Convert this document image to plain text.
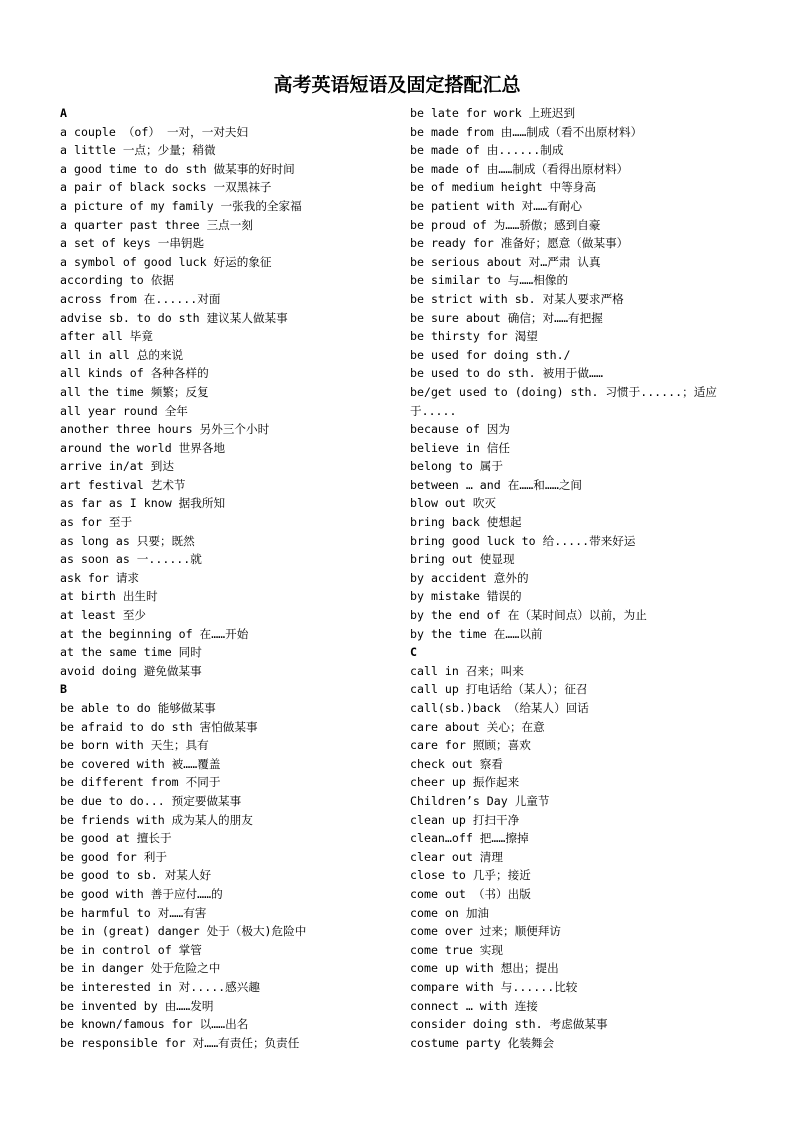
高考英语短语及固定搭配汇总
A
a couple （of） 一对，一对夫妇
a little 一点；少量；稍微
a good time to do sth 做某事的好时间
a pair of black socks 一双黑袜子
a picture of my family 一张我的全家福
a quarter past three 三点一刻
a set of keys 一串钥匙
a symbol of good luck 好运的象征
according to 依据
across from 在......对面
advise sb. to do sth 建议某人做某事
after all 毕竟
all in all 总的来说
all kinds of 各种各样的
all the time 频繁；反复
all year round 全年
another three hours 另外三个小时
around the world 世界各地
arrive in/at 到达
art festival 艺术节
as far as I know 据我所知
as for 至于
as long as 只要；既然
as soon as 一......就
ask for 请求
at birth 出生时
at least 至少
at the beginning of 在……开始
at the same time 同时
avoid doing 避免做某事
B
be able to do 能够做某事
be afraid to do sth 害怕做某事
be born with 天生；具有
be covered with 被……覆盖
be different from 不同于
be due to do... 预定要做某事
be friends with 成为某人的朋友
be good at 擅长于
be good for 利于
be good to sb. 对某人好
be good with 善于应付……的
be harmful to 对……有害
be in (great) danger 处于（极大)危险中
be in control of 掌管
be in danger 处于危险之中
be interested in 对.....感兴趣
be invented by 由……发明
be known/famous for 以……出名
be responsible for 对……有责任；负责任
be late for work 上班迟到
be made from 由……制成（看不出原材料）
be made of 由......制成
be made of 由……制成（看得出原材料）
be of medium height 中等身高
be patient with 对……有耐心
be proud of 为……骄傲；感到自豪
be ready for 准备好；愿意（做某事）
be serious about 对…严肃 认真
be similar to 与……相像的
be strict with sb. 对某人要求严格
be sure about 确信；对……有把握
be thirsty for 渴望
be used for doing sth./
be used to do sth. 被用于做……
be/get used to (doing) sth. 习惯于......；适应于.....
because of 因为
believe in 信任
belong to 属于
between … and 在……和……之间
blow out 吹灭
bring back 使想起
bring good luck to 给.....带来好运
bring out 使显现
by accident 意外的
by mistake 错误的
by the end of 在（某时间点）以前，为止
by the time 在……以前
C
call in 召来；叫来
call up 打电话给（某人）；征召
call(sb.)back （给某人）回话
care about 关心；在意
care for 照顾；喜欢
check out 察看
cheer up 振作起来
Children’s Day 儿童节
clean up 打扫干净
clean…off 把……擦掉
clear out 清理
close to 几乎；接近
come out （书）出版
come on 加油
come over 过来；顺便拜访
come true 实现
come up with 想出；提出
compare with 与......比较
connect … with 连接
consider doing sth. 考虑做某事
costume party 化装舞会
